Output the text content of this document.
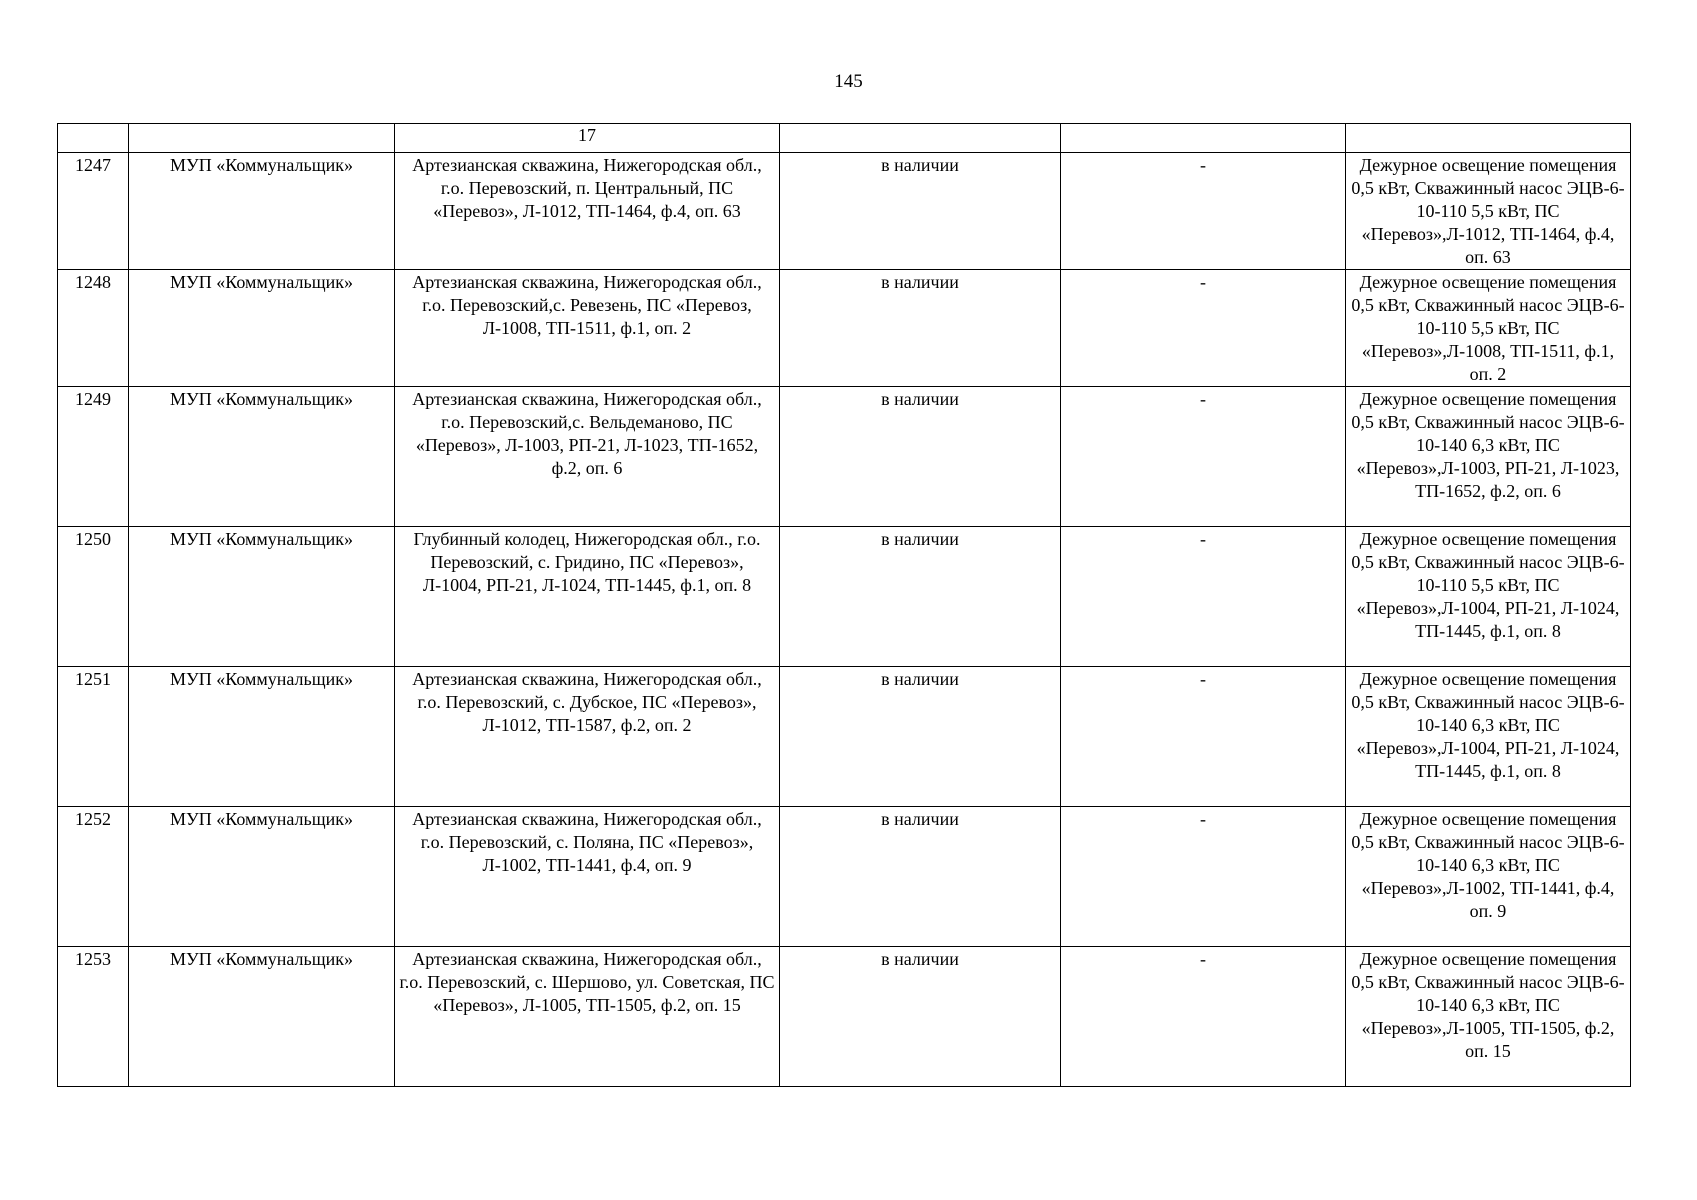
145
		17			
1247	МУП «Коммунальщик»	Артезианская скважина, Нижегородская обл., г.о. Перевозский, п. Центральный, ПС «Перевоз», Л-1012, ТП-1464, ф.4, оп. 63	в наличии	-	Дежурное освещение помещения 0,5 кВт, Скважинный насос ЭЦВ-6-10-110 5,5 кВт, ПС «Перевоз»,Л-1012, ТП-1464, ф.4, оп. 63
1248	МУП «Коммунальщик»	Артезианская скважина, Нижегородская обл., г.о. Перевозский,с. Ревезень, ПС «Перевоз, Л-1008, ТП-1511, ф.1, оп. 2	в наличии	-	Дежурное освещение помещения 0,5 кВт, Скважинный насос ЭЦВ-6-10-110 5,5 кВт, ПС «Перевоз»,Л-1008, ТП-1511, ф.1, оп. 2
1249	МУП «Коммунальщик»	Артезианская скважина, Нижегородская обл., г.о. Перевозский,с. Вельдеманово, ПС «Перевоз», Л-1003, РП-21, Л-1023, ТП-1652, ф.2, оп. 6	в наличии	-	Дежурное освещение помещения 0,5 кВт, Скважинный насос ЭЦВ-6-10-140 6,3 кВт, ПС «Перевоз»,Л-1003, РП-21, Л-1023, ТП-1652, ф.2, оп. 6
1250	МУП «Коммунальщик»	Глубинный колодец, Нижегородская обл., г.о. Перевозский, с. Гридино, ПС «Перевоз», Л-1004, РП-21, Л-1024, ТП-1445, ф.1, оп. 8	в наличии	-	Дежурное освещение помещения 0,5 кВт, Скважинный насос ЭЦВ-6-10-110 5,5 кВт, ПС «Перевоз»,Л-1004, РП-21, Л-1024, ТП-1445, ф.1, оп. 8
1251	МУП «Коммунальщик»	Артезианская скважина, Нижегородская обл., г.о. Перевозский, с. Дубское, ПС «Перевоз», Л-1012, ТП-1587, ф.2, оп. 2	в наличии	-	Дежурное освещение помещения 0,5 кВт, Скважинный насос ЭЦВ-6-10-140 6,3 кВт, ПС «Перевоз»,Л-1004, РП-21, Л-1024, ТП-1445, ф.1, оп. 8
1252	МУП «Коммунальщик»	Артезианская скважина, Нижегородская обл., г.о. Перевозский, с. Поляна, ПС «Перевоз», Л-1002, ТП-1441, ф.4, оп. 9	в наличии	-	Дежурное освещение помещения 0,5 кВт, Скважинный насос ЭЦВ-6-10-140 6,3 кВт, ПС «Перевоз»,Л-1002, ТП-1441, ф.4, оп. 9
1253	МУП «Коммунальщик»	Артезианская скважина, Нижегородская обл., г.о. Перевозский, с. Шершово, ул. Советская, ПС «Перевоз», Л-1005, ТП-1505, ф.2, оп. 15	в наличии	-	Дежурное освещение помещения 0,5 кВт, Скважинный насос ЭЦВ-6-10-140 6,3 кВт, ПС «Перевоз»,Л-1005, ТП-1505, ф.2, оп. 15
